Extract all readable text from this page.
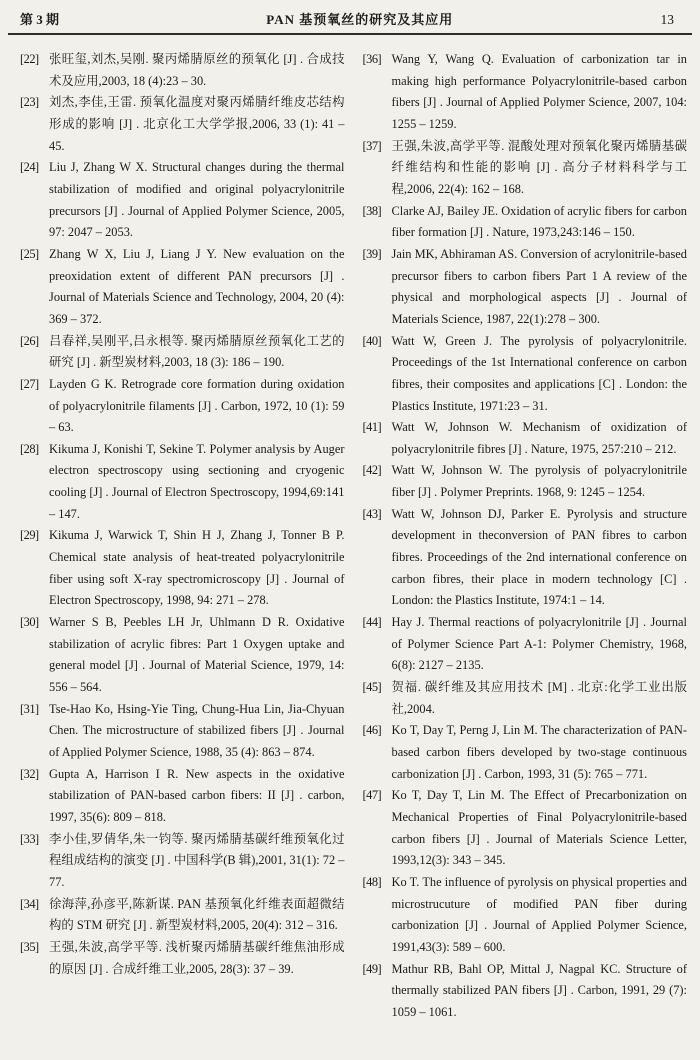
第 3 期	PAN 基预氧丝的研究及其应用	13
[22] 张旺玺,刘杰,吴刚. 聚丙烯腈原丝的预氧化 [J] . 合成技术及应用,2003, 18 (4):23 – 30.
[23] 刘杰,李佳,王雷. 预氧化温度对聚丙烯腈纤维皮芯结构形成的影响 [J] . 北京化工大学学报,2006, 33 (1): 41 – 45.
[24] Liu J, Zhang W X. Structural changes during the thermal stabilization of modified and original polyacrylonitrile precursors [J] . Journal of Applied Polymer Science, 2005, 97: 2047 – 2053.
[25] Zhang W X, Liu J, Liang J Y. New evaluation on the preoxidation extent of different PAN precursors [J] . Journal of Materials Science and Technology, 2004, 20 (4): 369 – 372.
[26] 吕春祥,吴刚平,吕永根等. 聚丙烯腈原丝预氧化工艺的研究 [J] . 新型炭材料,2003, 18 (3): 186 – 190.
[27] Layden G K. Retrograde core formation during oxidation of polyacrylonitrile filaments [J] . Carbon, 1972, 10 (1): 59 – 63.
[28] Kikuma J, Konishi T, Sekine T. Polymer analysis by Auger electron spectroscopy using sectioning and cryogenic cooling [J] . Journal of Electron Spectroscopy, 1994,69:141 – 147.
[29] Kikuma J, Warwick T, Shin H J, Zhang J, Tonner B P. Chemical state analysis of heat-treated polyacrylonitrile fiber using soft X-ray spectromicroscopy [J] . Journal of Electron Spectroscopy, 1998, 94: 271 – 278.
[30] Warner S B, Peebles LH Jr, Uhlmann D R. Oxidative stabilization of acrylic fibres: Part 1 Oxygen uptake and general model [J] . Journal of Material Science, 1979, 14: 556 – 564.
[31] Tse-Hao Ko, Hsing-Yie Ting, Chung-Hua Lin, Jia-Chyuan Chen. The microstructure of stabilized fibers [J] . Journal of Applied Polymer Science, 1988, 35 (4): 863 – 874.
[32] Gupta A, Harrison I R. New aspects in the oxidative stabilization of PAN-based carbon fibers: II [J] . carbon, 1997, 35(6): 809 – 818.
[33] 李小佳,罗倩华,朱一钧等. 聚丙烯腈基碳纤维预氧化过程组成结构的演变 [J] . 中国科学(B 辑),2001, 31(1): 72 – 77.
[34] 徐海萍,孙彦平,陈新谋. PAN 基预氧化纤维表面超微结构的 STM 研究 [J] . 新型炭材料,2005, 20(4): 312 – 316.
[35] 王强,朱波,高学平等. 浅析聚丙烯腈基碳纤维焦油形成的原因 [J] . 合成纤维工业,2005, 28(3): 37 – 39.
[36] Wang Y, Wang Q. Evaluation of carbonization tar in making high performance Polyacrylonitrile-based carbon fibers [J] . Journal of Applied Polymer Science, 2007, 104: 1255 – 1259.
[37] 王强,朱波,高学平等. 混酸处理对预氧化聚丙烯腈基碳纤维结构和性能的影响 [J] . 高分子材料科学与工程,2006, 22(4): 162 – 168.
[38] Clarke AJ, Bailey JE. Oxidation of acrylic fibers for carbon fiber formation [J] . Nature, 1973,243:146 – 150.
[39] Jain MK, Abhiraman AS. Conversion of acrylonitrile-based precursor fibers to carbon fibers Part 1 A review of the physical and morphological aspects [J] . Journal of Materials Science, 1987, 22(1):278 – 300.
[40] Watt W, Green J. The pyrolysis of polyacrylonitrile. Proceedings of the 1st International conference on carbon fibres, their composites and applications [C] . London: the Plastics Institute, 1971:23 – 31.
[41] Watt W, Johnson W. Mechanism of oxidization of polyacrylonitrile fibres [J] . Nature, 1975, 257:210 – 212.
[42] Watt W, Johnson W. The pyrolysis of polyacrylonitrile fiber [J] . Polymer Preprints. 1968, 9: 1245 – 1254.
[43] Watt W, Johnson DJ, Parker E. Pyrolysis and structure development in theconversion of PAN fibres to carbon fibres. Proceedings of the 2nd international conference on carbon fibres, their place in modern technology [C] . London: the Plastics Institute, 1974:1 – 14.
[44] Hay J. Thermal reactions of polyacrylonitrile [J] . Journal of Polymer Science Part A-1: Polymer Chemistry, 1968, 6(8): 2127 – 2135.
[45] 贺福. 碳纤维及其应用技术 [M] . 北京:化学工业出版社,2004.
[46] Ko T, Day T, Perng J, Lin M. The characterization of PAN-based carbon fibers developed by two-stage continuous carbonization [J] . Carbon, 1993, 31 (5): 765 – 771.
[47] Ko T, Day T, Lin M. The Effect of Precarbonization on Mechanical Properties of Final Polyacrylonitrile-based carbon fibers [J] . Journal of Materials Science Letter, 1993,12(3): 343 – 345.
[48] Ko T. The influence of pyrolysis on physical properties and microstrucuture of modified PAN fiber during carbonization [J] . Journal of Applied Polymer Science, 1991,43(3): 589 – 600.
[49] Mathur RB, Bahl OP, Mittal J, Nagpal KC. Structure of thermally stabilized PAN fibers [J] . Carbon, 1991, 29 (7): 1059 – 1061.
